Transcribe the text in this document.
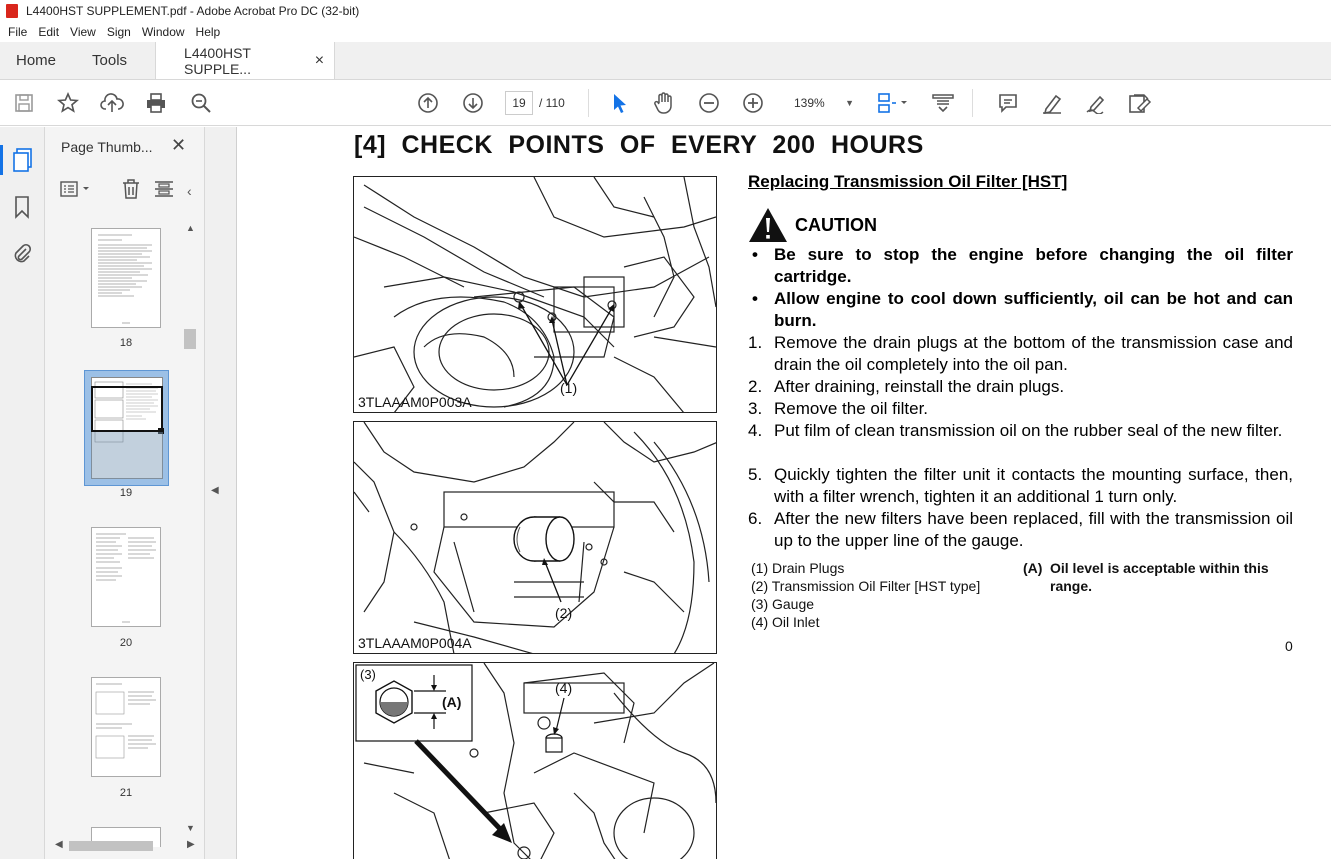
L4400HST SUPPLEMENT.pdf - Adobe Acrobat Pro DC (32-bit)
File Edit View Sign Window Help
Home	Tools	L4400HST SUPPLE...	×
19	/ 110	139% ▼
Page Thumb... ✕
‹
18
19
20
21
▲
▼
◀	▶
◀
[4] CHECK POINTS OF EVERY 200 HOURS
(1)
3TLAAAM0P003A
(2)
3TLAAAM0P004A
(4)
(3)
(A)
Replacing Transmission Oil Filter [HST]
CAUTION
• Be sure to stop the engine before changing the oil filter cartridge.
• Allow engine to cool down sufficiently, oil can be hot and can burn.
1. Remove the drain plugs at the bottom of the transmission case and drain the oil completely into the oil pan.
2. After draining, reinstall the drain plugs.
3. Remove the oil filter.
4. Put film of clean transmission oil on the rubber seal of the new filter.
5. Quickly tighten the filter unit it contacts the mounting surface, then, with a filter wrench, tighten it an additional 1 turn only.
6. After the new filters have been replaced, fill with the transmission oil up to the upper line of the gauge.
(1) Drain Plugs
(2) Transmission Oil Filter [HST type]
(3) Gauge
(4) Oil Inlet
(A) Oil level is acceptable within this range.
0
